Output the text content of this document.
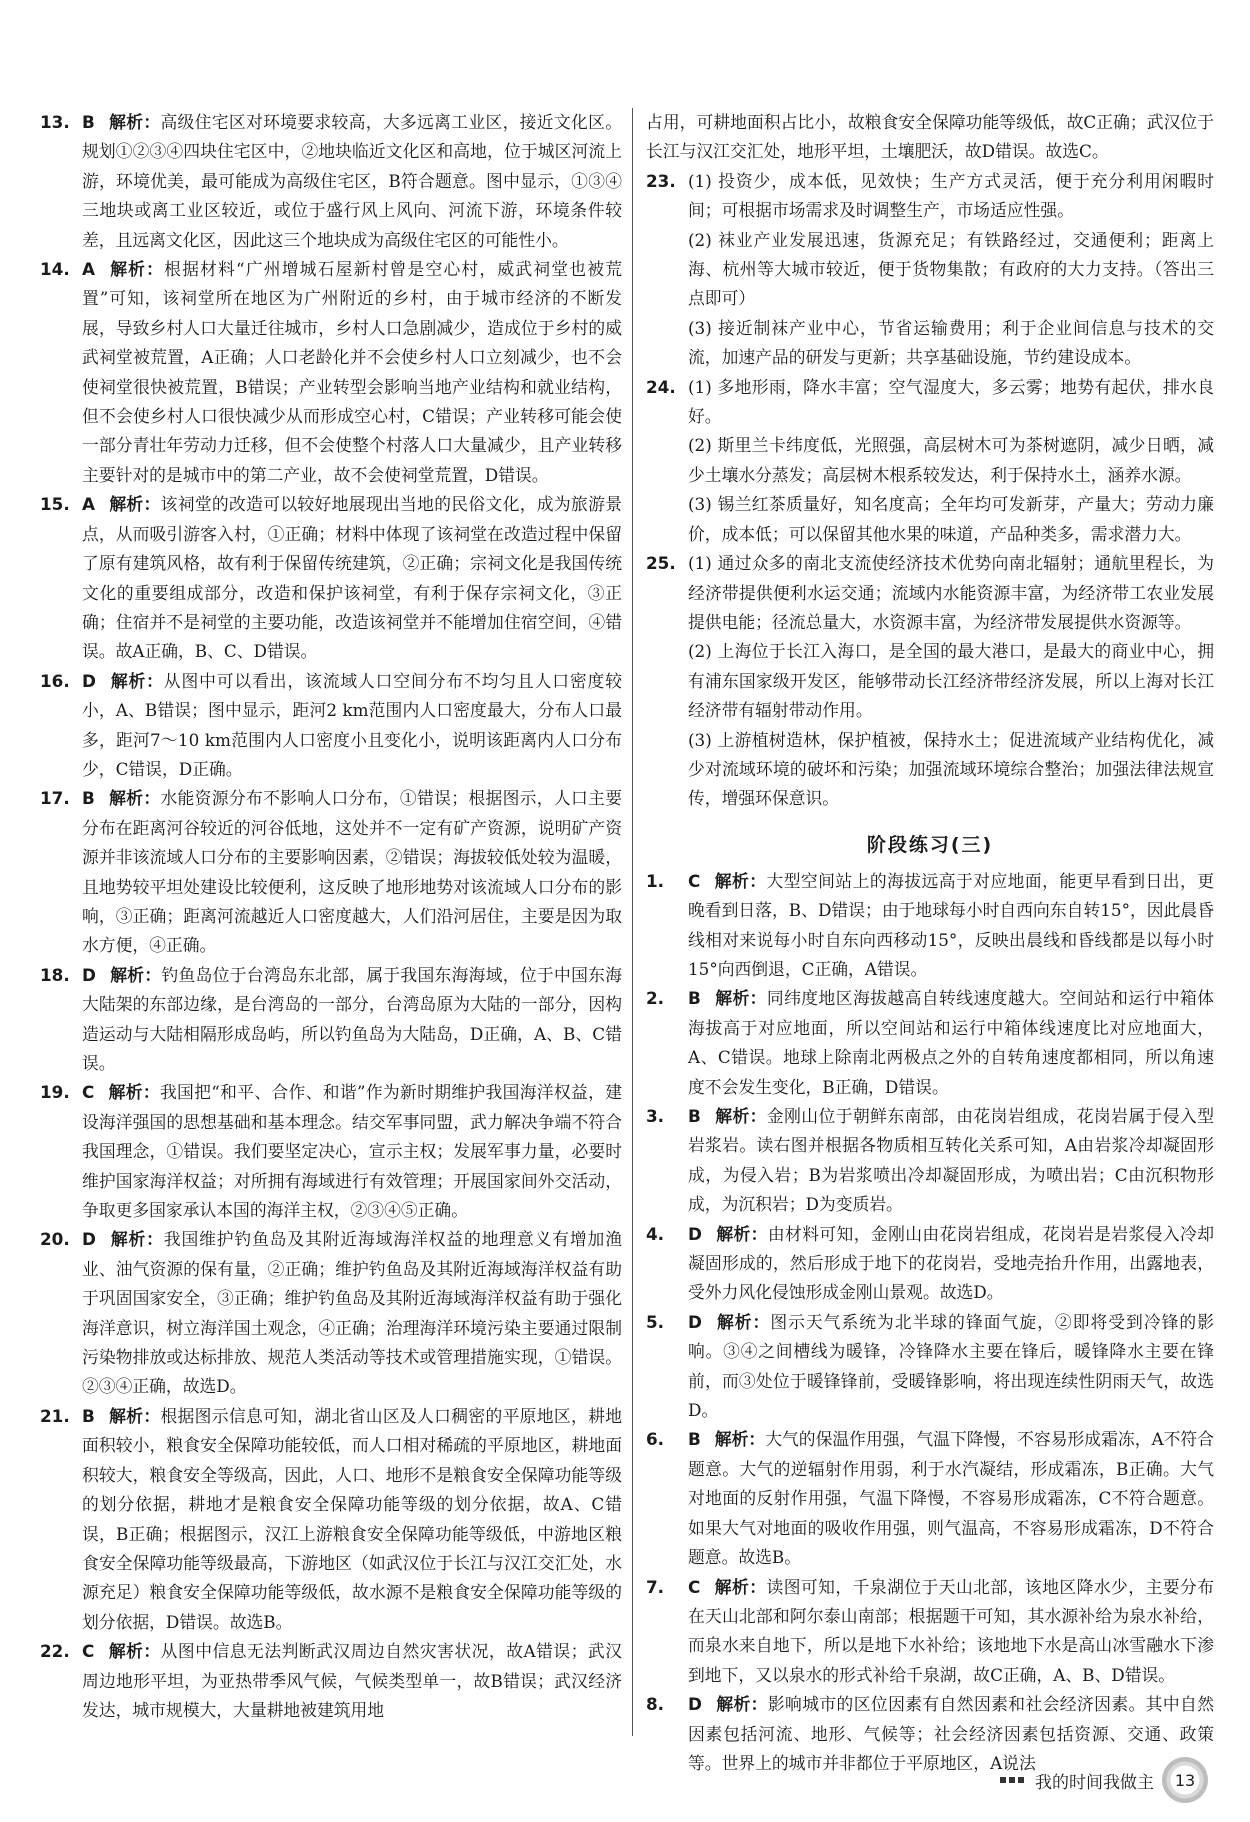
13. B 解析：高级住宅区对环境要求较高，大多远离工业区，接近文化区。规划①②③④四块住宅区中，②地块临近文化区和高地，位于城区河流上游，环境优美，最可能成为高级住宅区，B符合题意。图中显示，①③④三地块或离工业区较近，或位于盛行风上风向、河流下游，环境条件较差，且远离文化区，因此这三个地块成为高级住宅区的可能性小。
14. A 解析：根据材料“广州增城石屋新村曾是空心村，威武祠堂也被荒置”可知，该祠堂所在地区为广州附近的乡村，由于城市经济的不断发展，导致乡村人口大量迁往城市，乡村人口急剧减少，造成位于乡村的威武祠堂被荒置，A正确；人口老龄化并不会使乡村人口立刻减少，也不会使祠堂很快被荒置，B错误；产业转型会影响当地产业结构和就业结构，但不会使乡村人口很快减少从而形成空心村，C错误；产业转移可能会使一部分青壮年劳动力迁移，但不会使整个村落人口大量减少，且产业转移主要针对的是城市中的第二产业，故不会使祠堂荒置，D错误。
15. A 解析：该祠堂的改造可以较好地展现出当地的民俗文化，成为旅游景点，从而吸引游客入村，①正确；材料中体现了该祠堂在改造过程中保留了原有建筑风格，故有利于保留传统建筑，②正确；宗祠文化是我国传统文化的重要组成部分，改造和保护该祠堂，有利于保存宗祠文化，③正确；住宿并不是祠堂的主要功能，改造该祠堂并不能增加住宿空间，④错误。故A正确，B、C、D错误。
16. D 解析：从图中可以看出，该流域人口空间分布不均匀且人口密度较小，A、B错误；图中显示，距河2 km范围内人口密度最大，分布人口最多，距河7～10 km范围内人口密度小且变化小，说明该距离内人口分布少，C错误，D正确。
17. B 解析：水能资源分布不影响人口分布，①错误；根据图示，人口主要分布在距离河谷较近的河谷低地，这处并不一定有矿产资源，说明矿产资源并非该流域人口分布的主要影响因素，②错误；海拔较低处较为温暖，且地势较平坦处建设比较便利，这反映了地形地势对该流域人口分布的影响，③正确；距离河流越近人口密度越大，人们沿河居住，主要是因为取水方便，④正确。
18. D 解析：钓鱼岛位于台湾岛东北部，属于我国东海海域，位于中国东海大陆架的东部边缘，是台湾岛的一部分，台湾岛原为大陆的一部分，因构造运动与大陆相隔形成岛屿，所以钓鱼岛为大陆岛，D正确，A、B、C错误。
19. C 解析：我国把“和平、合作、和谐”作为新时期维护我国海洋权益，建设海洋强国的思想基础和基本理念。结交军事同盟，武力解决争端不符合我国理念，①错误。我们要坚定决心，宣示主权；发展军事力量，必要时维护国家海洋权益；对所拥有海域进行有效管理；开展国家间外交活动，争取更多国家承认本国的海洋主权，②③④⑤正确。
20. D 解析：我国维护钓鱼岛及其附近海域海洋权益的地理意义有增加渔业、油气资源的保有量，②正确；维护钓鱼岛及其附近海域海洋权益有助于巩固国家安全，③正确；维护钓鱼岛及其附近海域海洋权益有助于强化海洋意识，树立海洋国土观念，④正确；治理海洋环境污染主要通过限制污染物排放或达标排放、规范人类活动等技术或管理措施实现，①错误。②③④正确，故选D。
21. B 解析：根据图示信息可知，湖北省山区及人口稠密的平原地区，耕地面积较小，粮食安全保障功能较低，而人口相对稀疏的平原地区，耕地面积较大，粮食安全等级高，因此，人口、地形不是粮食安全保障功能等级的划分依据，耕地才是粮食安全保障功能等级的划分依据，故A、C错误，B正确；根据图示，汉江上游粮食安全保障功能等级低，中游地区粮食安全保障功能等级最高，下游地区（如武汉位于长江与汉江交汇处，水源充足）粮食安全保障功能等级低，故水源不是粮食安全保障功能等级的划分依据，D错误。故选B。
22. C 解析：从图中信息无法判断武汉周边自然灾害状况，故A错误；武汉周边地形平坦，为亚热带季风气候，气候类型单一，故B错误；武汉经济发达，城市规模大，大量耕地被建筑用地
占用，可耕地面积占比小，故粮食安全保障功能等级低，故C正确；武汉位于长江与汉江交汇处，地形平坦，土壤肥沃，故D错误。故选C。
23. (1) 投资少，成本低，见效快；生产方式灵活，便于充分利用闲暇时间；可根据市场需求及时调整生产，市场适应性强。
(2) 袜业产业发展迅速，货源充足；有铁路经过，交通便利；距离上海、杭州等大城市较近，便于货物集散；有政府的大力支持。（答出三点即可）
(3) 接近制袜产业中心，节省运输费用；利于企业间信息与技术的交流，加速产品的研发与更新；共享基础设施，节约建设成本。
24. (1) 多地形雨，降水丰富；空气湿度大，多云雾；地势有起伏，排水良好。
(2) 斯里兰卡纬度低，光照强，高层树木可为茶树遮阴，减少日晒，减少土壤水分蒸发；高层树木根系较发达，利于保持水土，涵养水源。
(3) 锡兰红茶质量好，知名度高；全年均可发新芽，产量大；劳动力廉价，成本低；可以保留其他水果的味道，产品种类多，需求潜力大。
25. (1) 通过众多的南北支流使经济技术优势向南北辐射；通航里程长，为经济带提供便利水运交通；流域内水能资源丰富，为经济带工农业发展提供电能；径流总量大，水资源丰富，为经济带发展提供水资源等。
(2) 上海位于长江入海口，是全国的最大港口，是最大的商业中心，拥有浦东国家级开发区，能够带动长江经济带经济发展，所以上海对长江经济带有辐射带动作用。
(3) 上游植树造林，保护植被，保持水土；促进流域产业结构优化，减少对流域环境的破坏和污染；加强流域环境综合整治；加强法律法规宣传，增强环保意识。
阶段练习(三)
1. C 解析：大型空间站上的海拔远高于对应地面，能更早看到日出，更晚看到日落，B、D错误；由于地球每小时自西向东自转15°，因此晨昏线相对来说每小时自东向西移动15°，反映出晨线和昏线都是以每小时15°向西倒退，C正确，A错误。
2. B 解析：同纬度地区海拔越高自转线速度越大。空间站和运行中箱体海拔高于对应地面，所以空间站和运行中箱体线速度比对应地面大，A、C错误。地球上除南北两极点之外的自转角速度都相同，所以角速度不会发生变化，B正确，D错误。
3. B 解析：金刚山位于朝鲜东南部，由花岗岩组成，花岗岩属于侵入型岩浆岩。读右图并根据各物质相互转化关系可知，A由岩浆冷却凝固形成，为侵入岩；B为岩浆喷出冷却凝固形成，为喷出岩；C由沉积物形成，为沉积岩；D为变质岩。
4. D 解析：由材料可知，金刚山由花岗岩组成，花岗岩是岩浆侵入冷却凝固形成的，然后形成于地下的花岗岩，受地壳抬升作用，出露地表，受外力风化侵蚀形成金刚山景观。故选D。
5. D 解析：图示天气系统为北半球的锋面气旋，②即将受到冷锋的影响。③④之间槽线为暖锋，冷锋降水主要在锋后，暖锋降水主要在锋前，而③处位于暖锋锋前，受暖锋影响，将出现连续性阴雨天气，故选D。
6. B 解析：大气的保温作用强，气温下降慢，不容易形成霜冻，A不符合题意。大气的逆辐射作用弱，利于水汽凝结，形成霜冻，B正确。大气对地面的反射作用强，气温下降慢，不容易形成霜冻，C不符合题意。如果大气对地面的吸收作用强，则气温高，不容易形成霜冻，D不符合题意。故选B。
7. C 解析：读图可知，千泉湖位于天山北部，该地区降水少，主要分布在天山北部和阿尔泰山南部；根据题干可知，其水源补给为泉水补给，而泉水来自地下，所以是地下水补给；该地地下水是高山冰雪融水下渗到地下，又以泉水的形式补给千泉湖，故C正确，A、B、D错误。
8. D 解析：影响城市的区位因素有自然因素和社会经济因素。其中自然因素包括河流、地形、气候等；社会经济因素包括资源、交通、政策等。世界上的城市并非都位于平原地区，A说法
我的时间我做主 13
